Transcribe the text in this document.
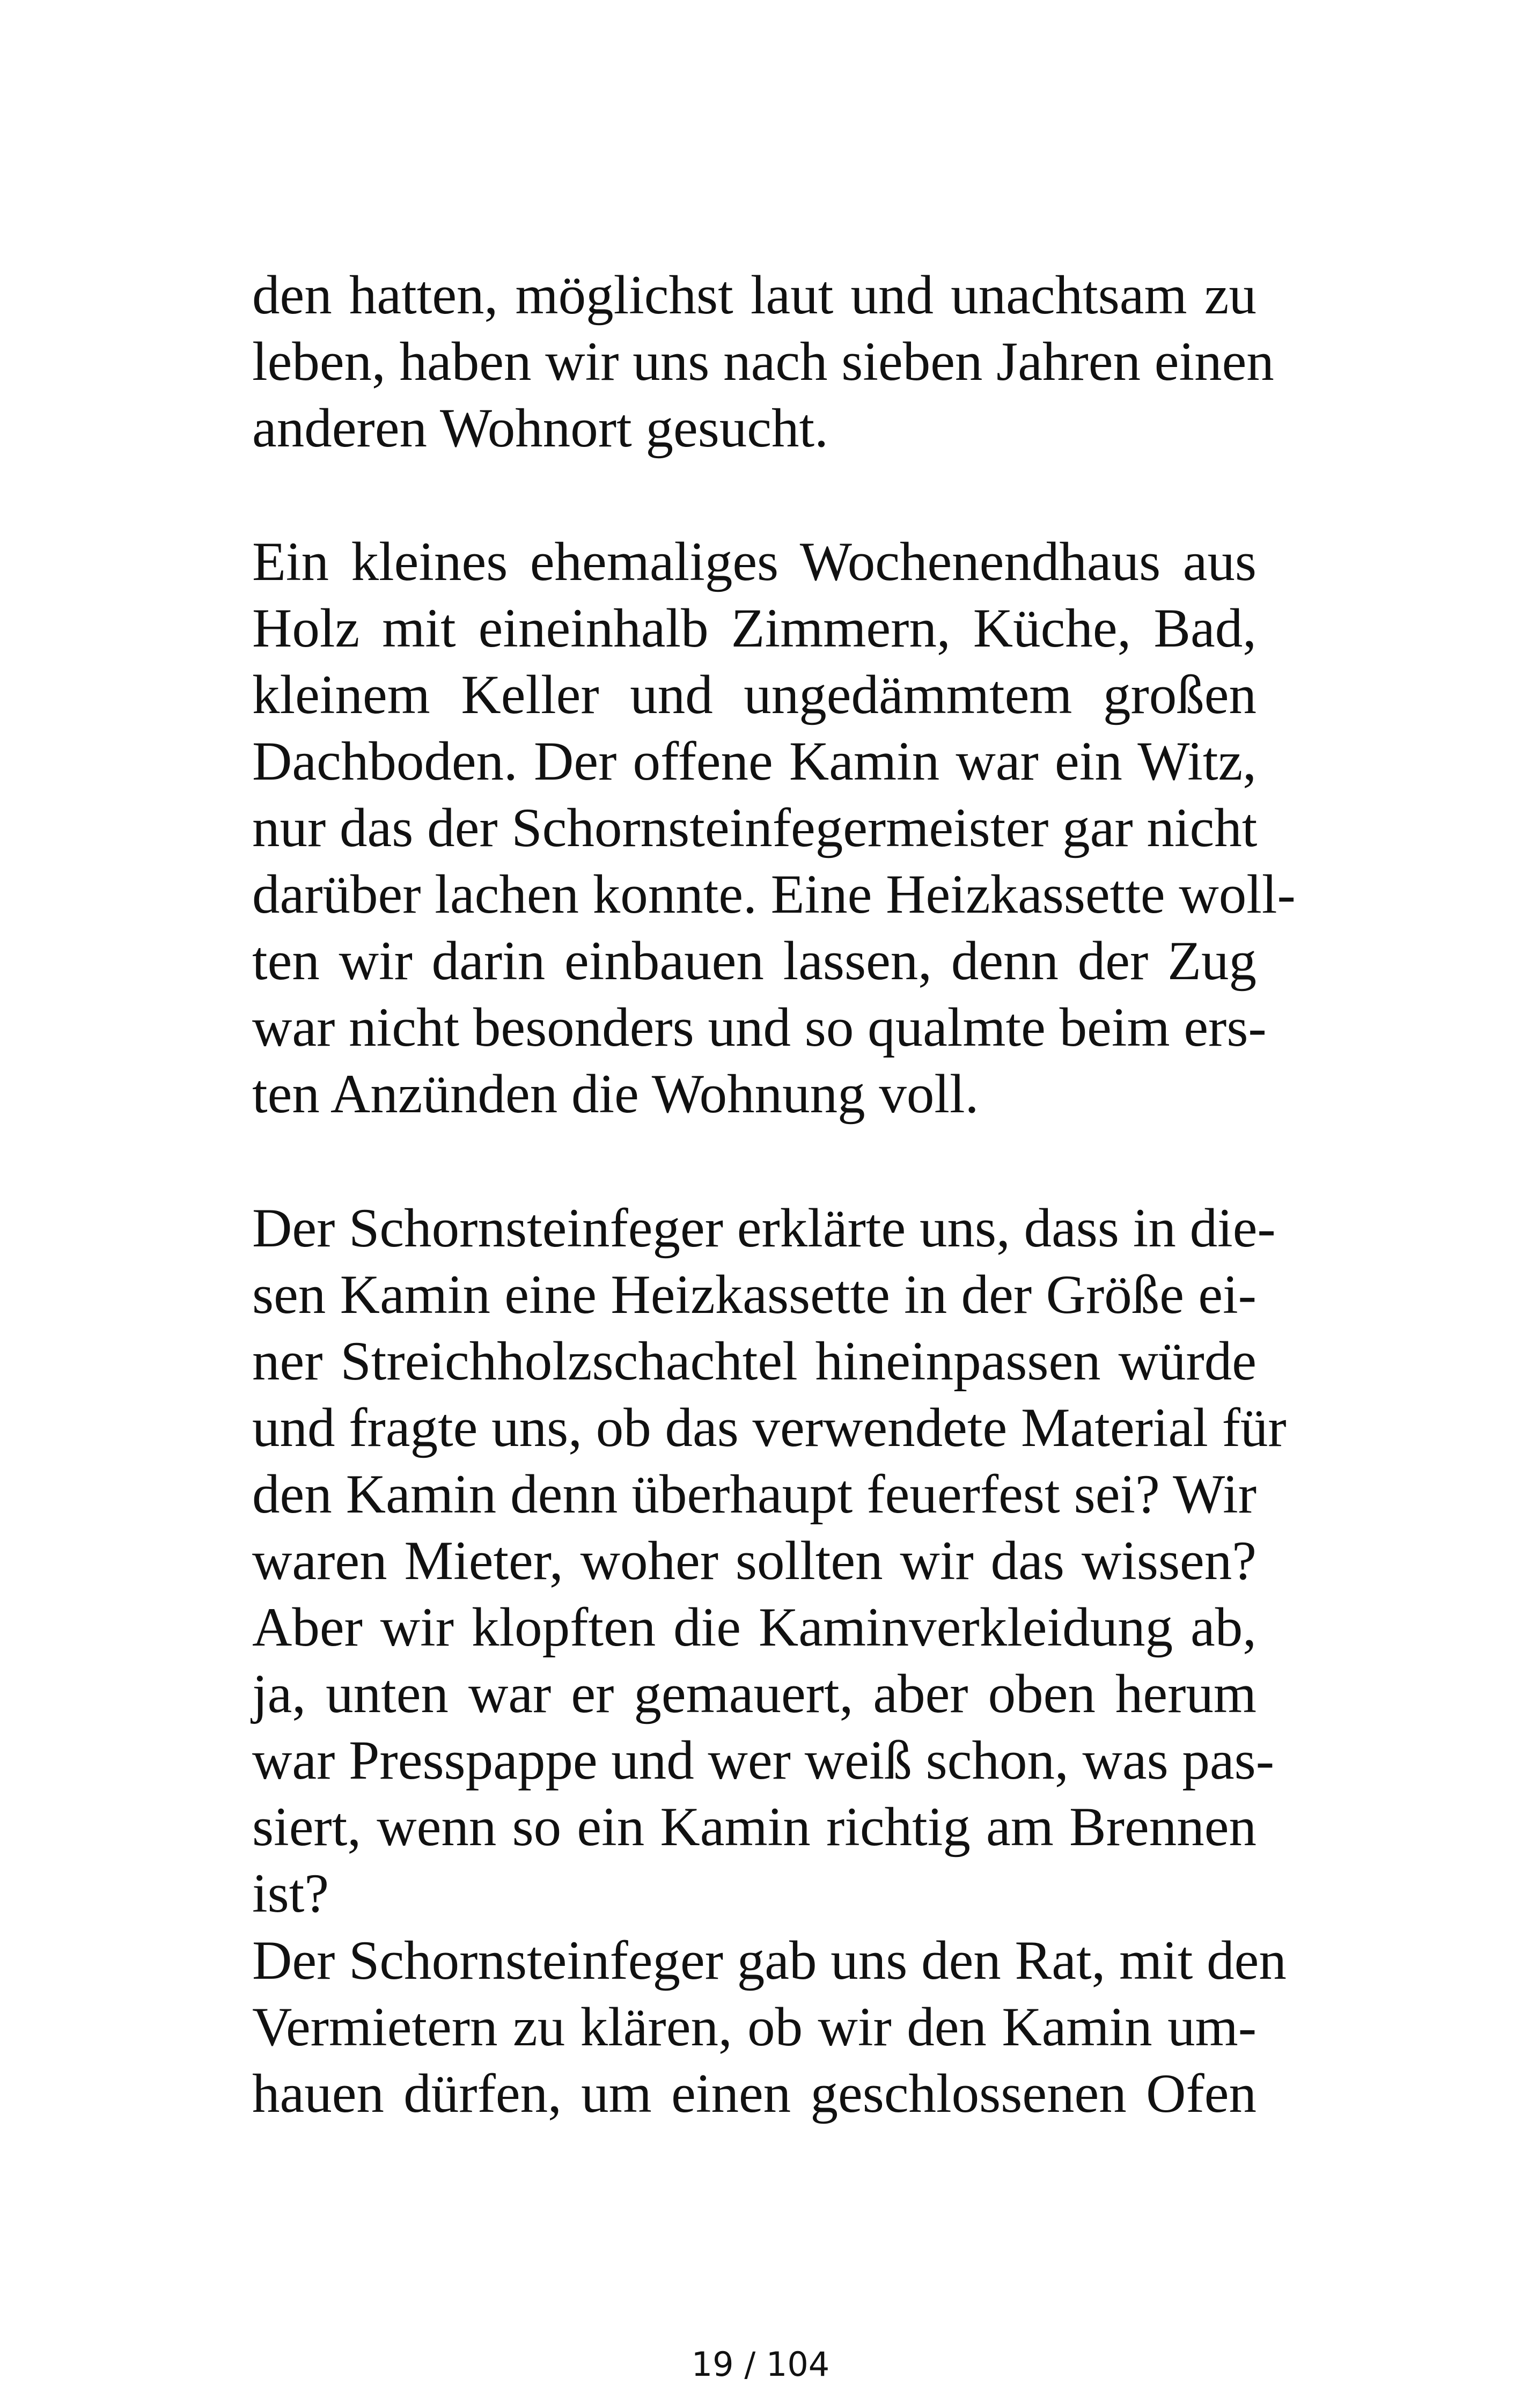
den hatten, möglichst laut und unachtsam zu
leben, haben wir uns nach sieben Jahren einen
anderen Wohnort gesucht.
Ein kleines ehemaliges Wochenendhaus aus
Holz mit eineinhalb Zimmern, Küche, Bad,
kleinem Keller und ungedämmtem großen
Dachboden. Der offene Kamin war ein Witz,
nur das der Schornsteinfegermeister gar nicht
darüber lachen konnte. Eine Heizkassette woll-
ten wir darin einbauen lassen, denn der Zug
war nicht besonders und so qualmte beim ers-
ten Anzünden die Wohnung voll.
Der Schornsteinfeger erklärte uns, dass in die-
sen Kamin eine Heizkassette in der Größe ei-
ner Streichholzschachtel hineinpassen würde
und fragte uns, ob das verwendete Material für
den Kamin denn überhaupt feuerfest sei? Wir
waren Mieter, woher sollten wir das wissen?
Aber wir klopften die Kaminverkleidung ab,
ja, unten war er gemauert, aber oben herum
war Presspappe und wer weiß schon, was pas-
siert, wenn so ein Kamin richtig am Brennen
ist?
Der Schornsteinfeger gab uns den Rat, mit den
Vermietern zu klären, ob wir den Kamin um-
hauen dürfen, um einen geschlossenen Ofen
19 / 104
